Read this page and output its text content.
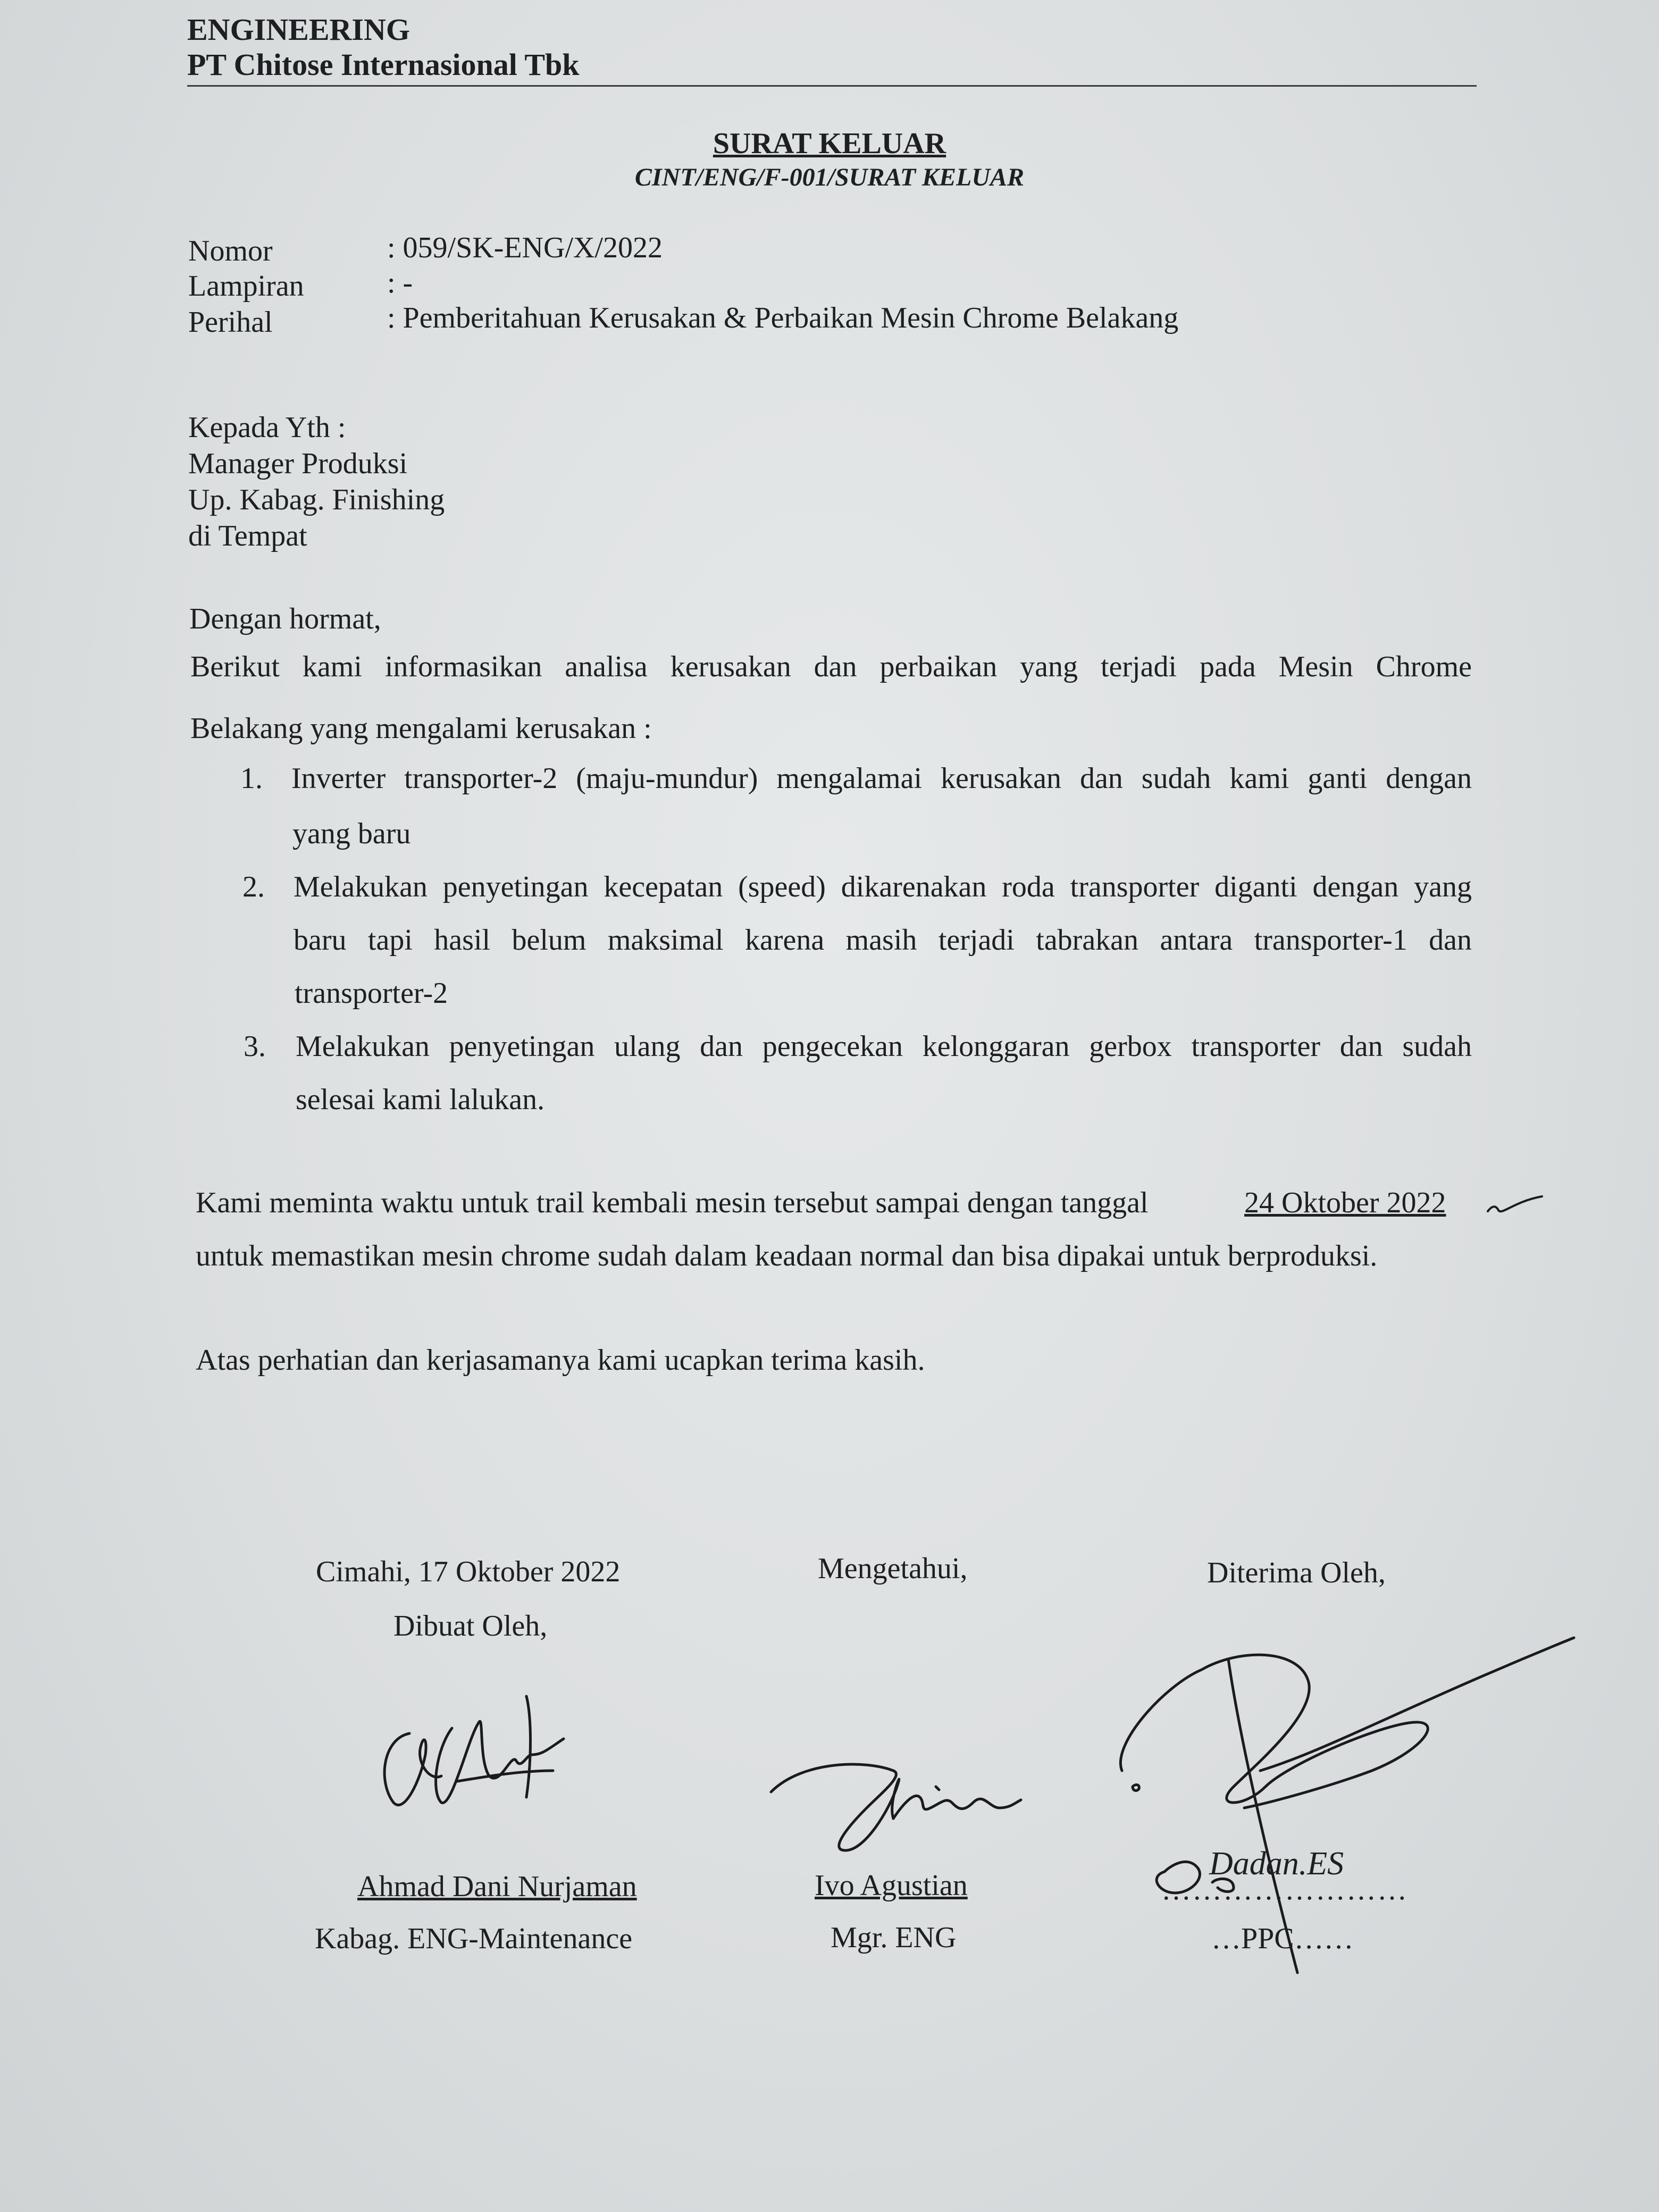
ENGINEERING
PT Chitose Internasional Tbk
SURAT KELUAR
CINT/ENG/F-001/SURAT KELUAR
Nomor	: 059/SK-ENG/X/2022
Lampiran	: -
Perihal	: Pemberitahuan Kerusakan & Perbaikan Mesin Chrome Belakang
Kepada Yth :
Manager Produksi
Up. Kabag. Finishing
di Tempat
Dengan hormat,
Berikut kami informasikan analisa kerusakan dan perbaikan yang terjadi pada Mesin Chrome
Belakang yang mengalami kerusakan :
1. Inverter transporter-2 (maju-mundur) mengalamai kerusakan dan sudah kami ganti dengan
yang baru
2. Melakukan penyetingan kecepatan (speed) dikarenakan roda transporter diganti dengan yang
baru tapi hasil belum maksimal karena masih terjadi tabrakan antara transporter-1 dan
transporter-2
3. Melakukan penyetingan ulang dan pengecekan kelonggaran gerbox transporter dan sudah
selesai kami lalukan.
Kami meminta waktu untuk trail kembali mesin tersebut sampai dengan tanggal	24 Oktober 2022
untuk memastikan mesin chrome sudah dalam keadaan normal dan bisa dipakai untuk berproduksi.
Atas perhatian dan kerjasamanya kami ucapkan terima kasih.
Cimahi, 17 Oktober 2022
Dibuat Oleh,
Ahmad Dani Nurjaman
Kabag. ENG-Maintenance
Mengetahui,
Ivo Agustian
Mgr. ENG
Diterima Oleh,
Dadan.ES
……………………
…PPC……
